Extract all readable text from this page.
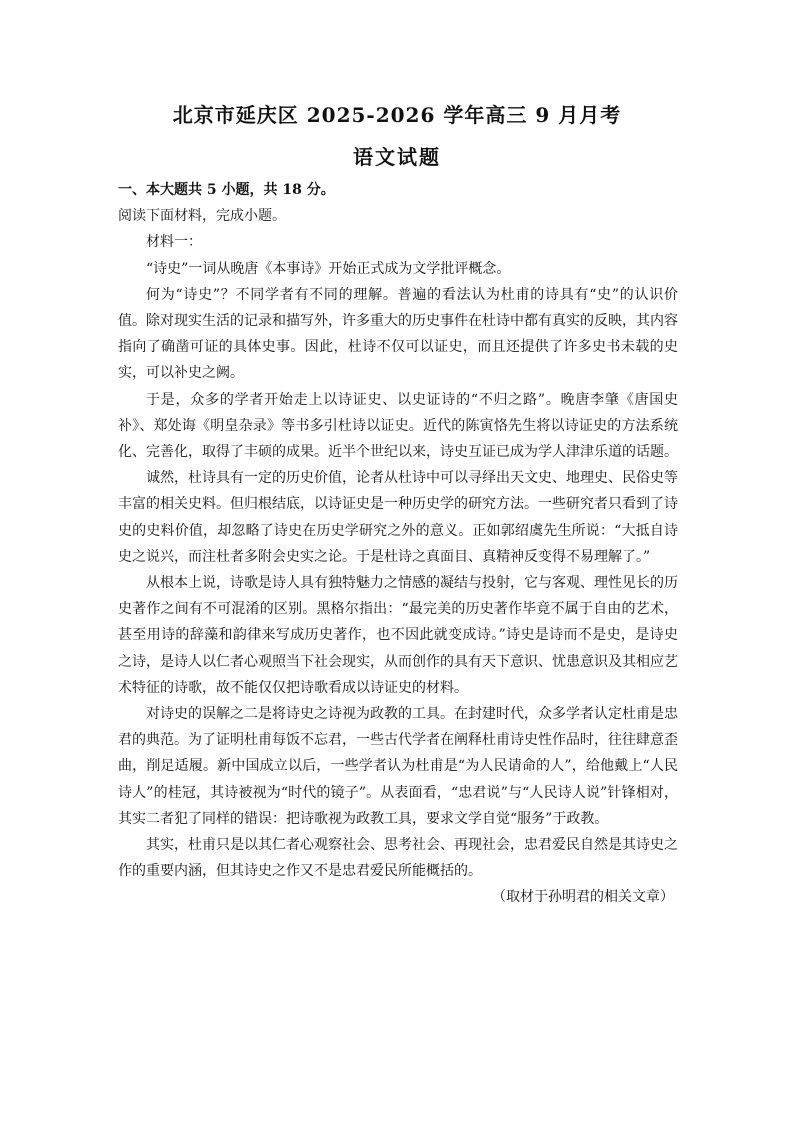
北京市延庆区 2025-2026 学年高三 9 月月考
语文试题

一、本大题共 5 小题，共 18 分。

阅读下面材料，完成小题。

材料一：

“诗史”一词从晚唐《本事诗》开始正式成为文学批评概念。

何为“诗史”？不同学者有不同的理解。普遍的看法认为杜甫的诗具有“史”的认识价值。除对现实生活的记录和描写外，许多重大的历史事件在杜诗中都有真实的反映，其内容指向了确凿可证的具体史事。因此，杜诗不仅可以证史，而且还提供了许多史书未载的史实，可以补史之阙。

于是，众多的学者开始走上以诗证史、以史证诗的“不归之路”。晚唐李肇《唐国史补》、郑处诲《明皇杂录》等书多引杜诗以证史。近代的陈寅恪先生将以诗证史的方法系统化、完善化，取得了丰硕的成果。近半个世纪以来，诗史互证已成为学人津津乐道的话题。

诚然，杜诗具有一定的历史价值，论者从杜诗中可以寻绎出天文史、地理史、民俗史等丰富的相关史料。但归根结底，以诗证史是一种历史学的研究方法。一些研究者只看到了诗史的史料价值，却忽略了诗史在历史学研究之外的意义。正如郭绍虞先生所说：“大抵自诗史之说兴，而注杜者多附会史实之论。于是杜诗之真面目、真精神反变得不易理解了。”

从根本上说，诗歌是诗人具有独特魅力之情感的凝结与投射，它与客观、理性见长的历史著作之间有不可混淆的区别。黑格尔指出：“最完美的历史著作毕竟不属于自由的艺术，甚至用诗的辞藻和韵律来写成历史著作，也不因此就变成诗。”诗史是诗而不是史，是诗史之诗，是诗人以仁者心观照当下社会现实，从而创作的具有天下意识、忧患意识及其相应艺术特征的诗歌，故不能仅仅把诗歌看成以诗证史的材料。

对诗史的误解之二是将诗史之诗视为政教的工具。在封建时代，众多学者认定杜甫是忠君的典范。为了证明杜甫每饭不忘君，一些古代学者在阐释杜甫诗史性作品时，往往肆意歪曲，削足适履。新中国成立以后，一些学者认为杜甫是“为人民请命的人”，给他戴上“人民诗人”的桂冠，其诗被视为“时代的镜子”。从表面看，“忠君说”与“人民诗人说”针锋相对，其实二者犯了同样的错误：把诗歌视为政教工具，要求文学自觉“服务”于政教。

其实，杜甫只是以其仁者心观察社会、思考社会、再现社会，忠君爱民自然是其诗史之作的重要内涵，但其诗史之作又不是忠君爱民所能概括的。

（取材于孙明君的相关文章）
